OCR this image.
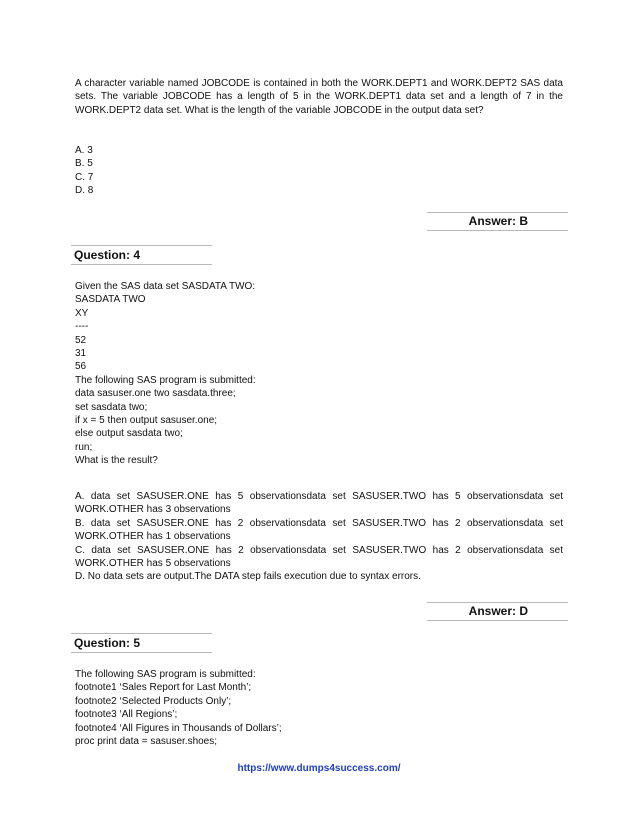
A character variable named JOBCODE is contained in both the WORK.DEPT1 and WORK.DEPT2 SAS data sets. The variable JOBCODE has a length of 5 in the WORK.DEPT1 data set and a length of 7 in the WORK.DEPT2 data set. What is the length of the variable JOBCODE in the output data set?
A. 3
B. 5
C. 7
D. 8
Answer: B
Question: 4
Given the SAS data set SASDATA TWO:
SASDATA TWO
XY
----
52
31
56
The following SAS program is submitted:
data sasuser.one two sasdata.three;
set sasdata two;
if x = 5 then output sasuser.one;
else output sasdata two;
run;
What is the result?
A. data set SASUSER.ONE has 5 observationsdata set SASUSER.TWO has 5 observationsdata set WORK.OTHER has 3 observations
B. data set SASUSER.ONE has 2 observationsdata set SASUSER.TWO has 2 observationsdata set WORK.OTHER has 1 observations
C. data set SASUSER.ONE has 2 observationsdata set SASUSER.TWO has 2 observationsdata set WORK.OTHER has 5 observations
D. No data sets are output.The DATA step fails execution due to syntax errors.
Answer: D
Question: 5
The following SAS program is submitted:
footnote1 ‘Sales Report for Last Month’;
footnote2 ‘Selected Products Only’;
footnote3 ‘All Regions’;
footnote4 ‘All Figures in Thousands of Dollars’;
proc print data = sasuser.shoes;
https://www.dumps4success.com/
